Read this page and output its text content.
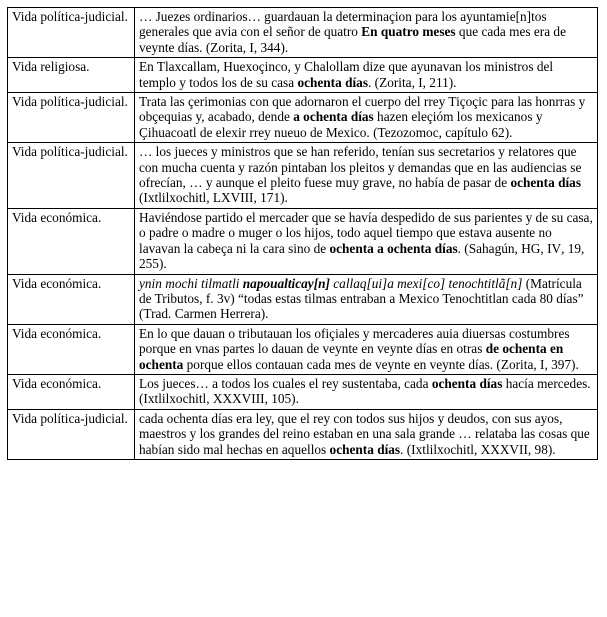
Vida política-judicial.	… Juezes ordinarios… guardauan la determinaçion para los ayuntamie[n]tos generales que avia con el señor de quatro En quatro meses que cada mes era de veynte días. (Zorita, I, 344).
Vida religiosa.	En Tlaxcallam, Huexoçinco, y Chalollam dize que ayunavan los ministros del templo y todos los de su casa ochenta días. (Zorita, I, 211).
Vida política-judicial.	Trata las çerimonias con que adornaron el cuerpo del rrey Tiçoçic para las honrras y obçequias y, acabado, dende a ochenta días hazen eleçióm los mexicanos y Çihuacoatl de elexir rrey nueuo de Mexico. (Tezozomoc, capítulo 62).
Vida política-judicial.	… los jueces y ministros que se han referido, tenían sus secretarios y relatores que con mucha cuenta y razón pintaban los pleitos y demandas que en las audiencias se ofrecían, … y aunque el pleito fuese muy grave, no había de pasar de ochenta días (Ixtlilxochitl, LXVIII, 171).
Vida económica.	Haviéndose partido el mercader que se havía despedido de sus parientes y de su casa, o padre o madre o muger o los hijos, todo aquel tiempo que estava ausente no lavavan la cabeça ni la cara sino de ochenta a ochenta días. (Sahagún, HG, IV, 19, 255).
Vida económica.	ynin mochi tilmatli napoualticay[n] callaq[ui]a mexi[co] tenochtitlã[n] (Matrícula de Tributos, f. 3v) “todas estas tilmas entraban a Mexico Tenochtitlan cada 80 días” (Trad. Carmen Herrera).
Vida económica.	En lo que dauan o tributauan los ofiçiales y mercaderes auia diuersas costumbres porque en vnas partes lo dauan de veynte en veynte días en otras de ochenta en ochenta porque ellos contauan cada mes de veynte en veynte días. (Zorita, I, 397).
Vida económica.	Los jueces… a todos los cuales el rey sustentaba, cada ochenta días hacía mercedes. (Ixtlilxochitl, XXXVIII, 105).
Vida política-judicial.	cada ochenta días era ley, que el rey con todos sus hijos y deudos, con sus ayos, maestros y los grandes del reino estaban en una sala grande … relataba las cosas que habían sido mal hechas en aquellos ochenta días. (Ixtlilxochitl, XXXVII, 98).
